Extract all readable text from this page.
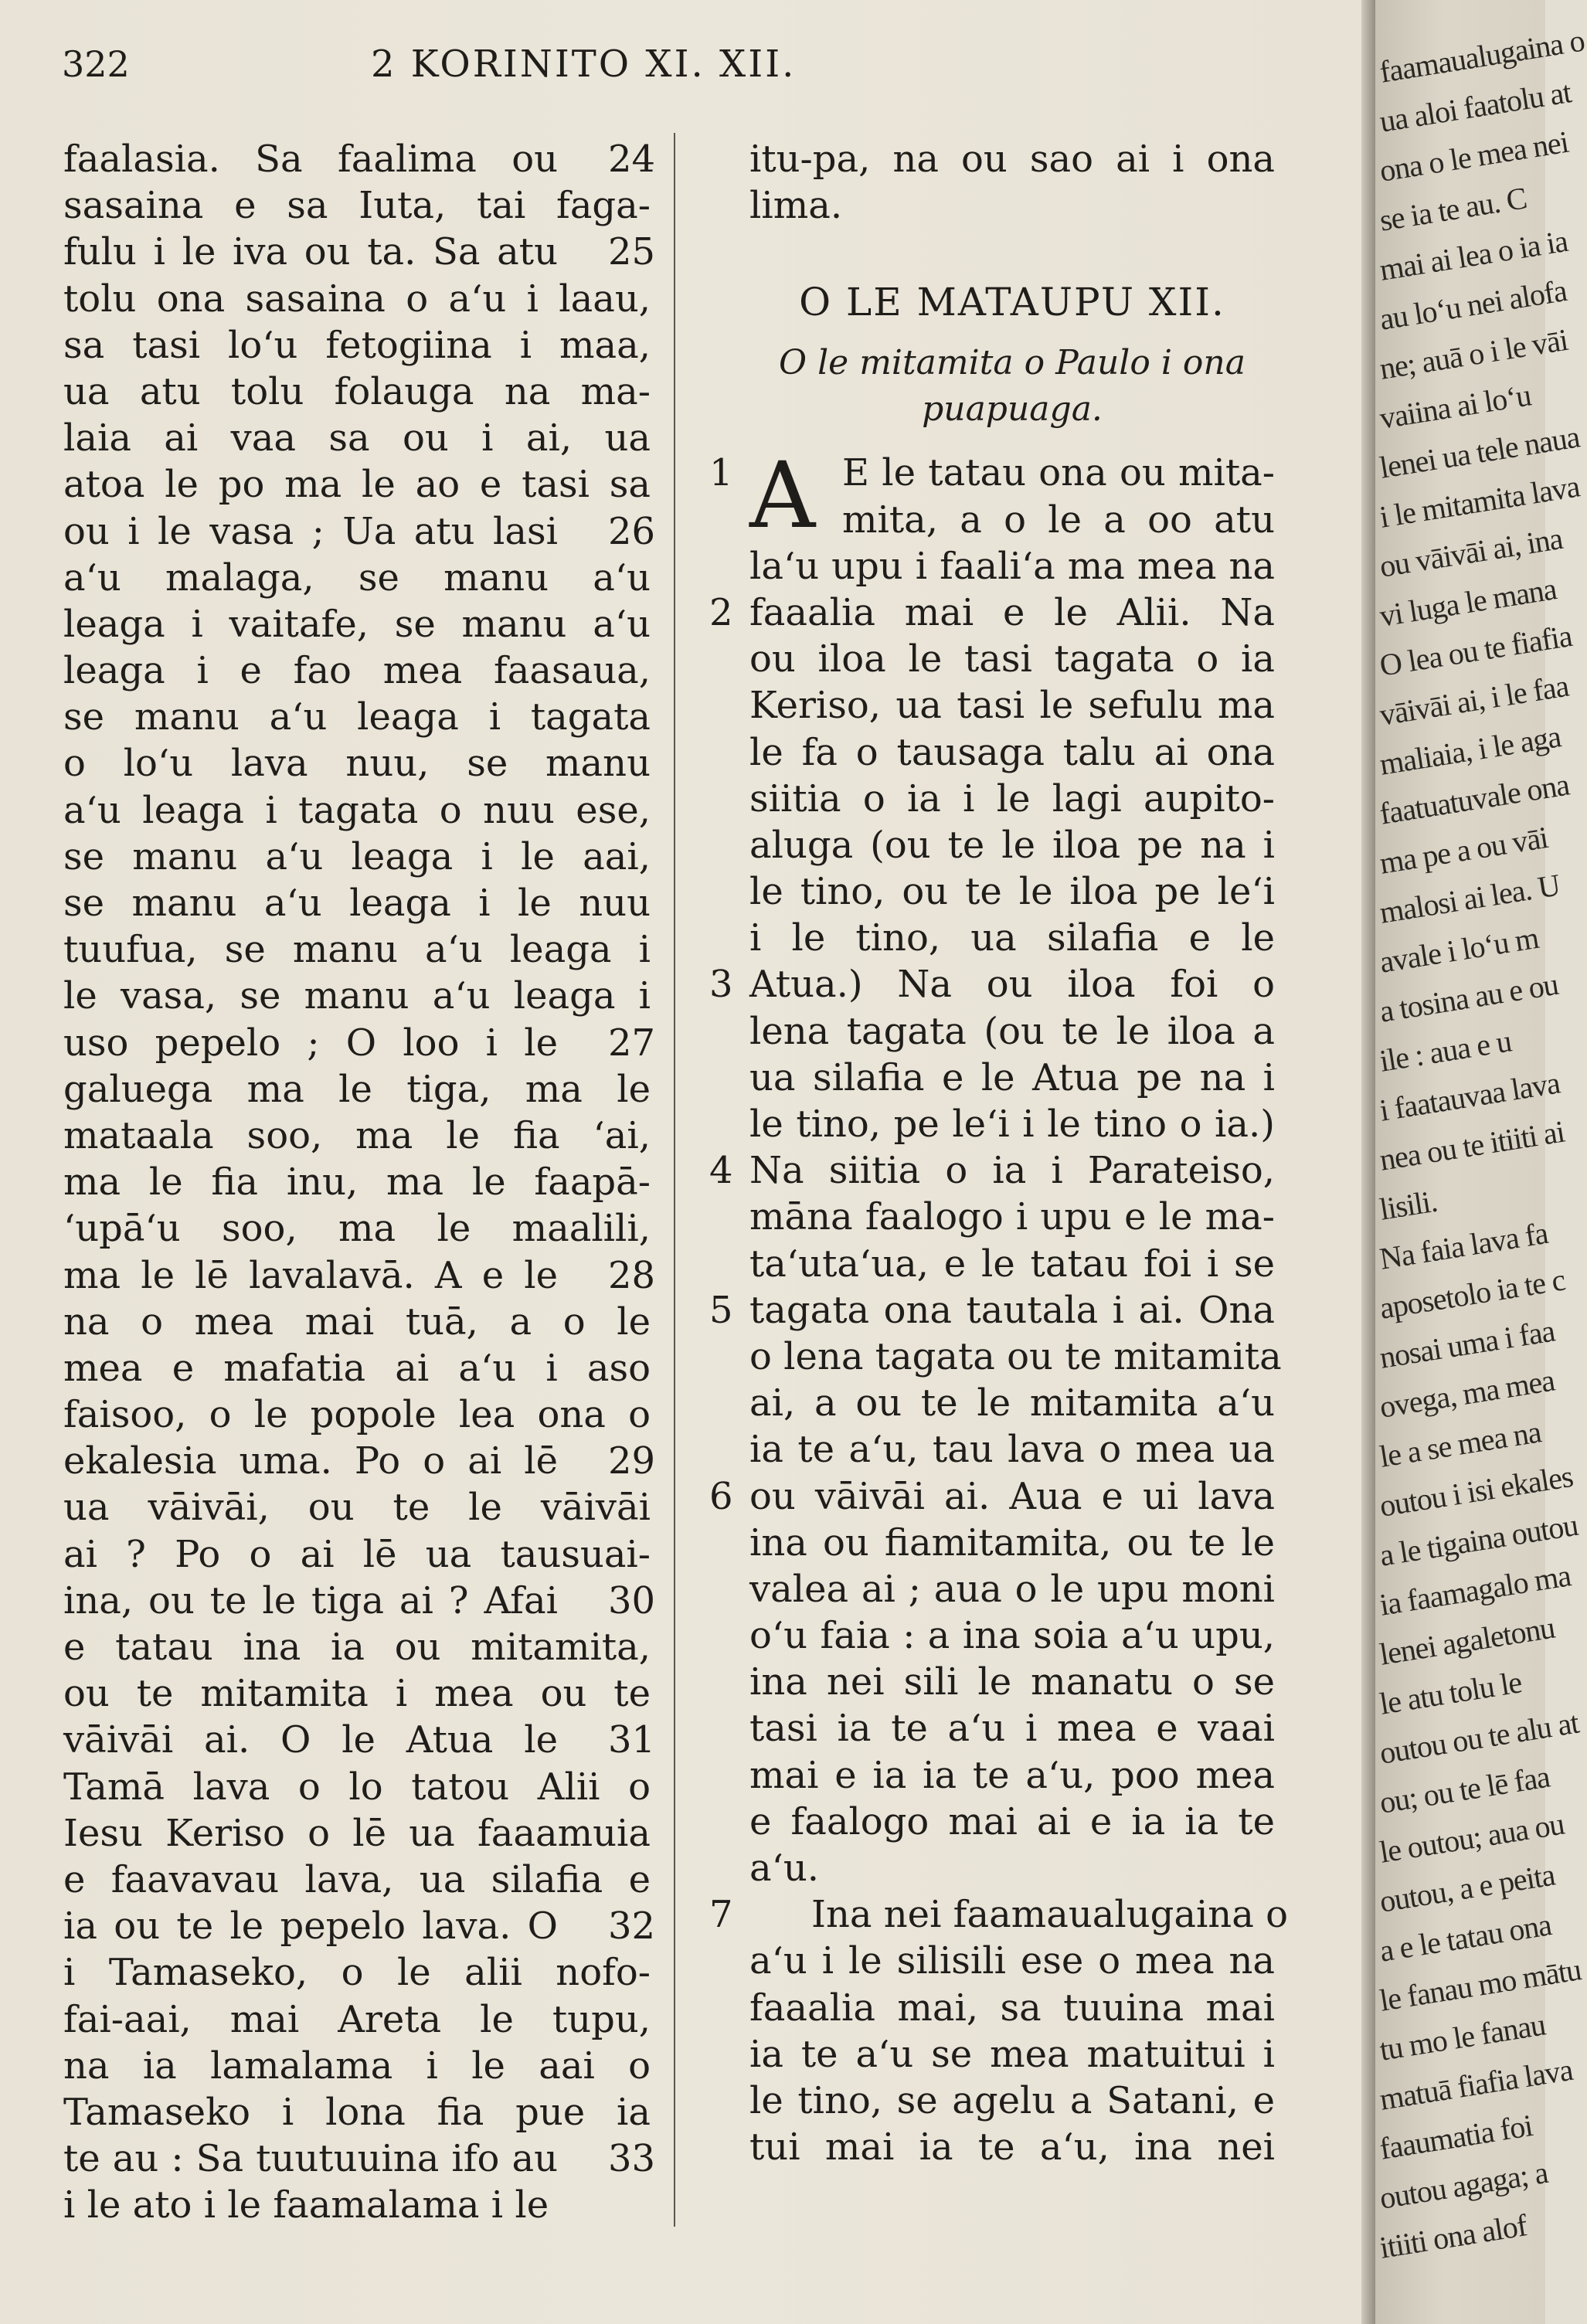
322	2 KORINITO XI. XII.
faalasia. Sa faalima ou 24
sasaina e sa Iuta, tai faga-
fulu i le iva ou ta. Sa atu 25
tolu ona sasaina o aʻu i laau,
sa tasi loʻu fetogiina i maa,
ua atu tolu folauga na ma-
laia ai vaa sa ou i ai, ua
atoa le po ma le ao e tasi sa
ou i le vasa ; Ua atu lasi 26
aʻu malaga, se manu aʻu
leaga i vaitafe, se manu aʻu
leaga i e fao mea faasaua,
se manu aʻu leaga i tagata
o loʻu lava nuu, se manu
aʻu leaga i tagata o nuu ese,
se manu aʻu leaga i le aai,
se manu aʻu leaga i le nuu
tuufua, se manu aʻu leaga i
le vasa, se manu aʻu leaga i
uso pepelo ; O loo i le 27
galuega ma le tiga, ma le
mataala soo, ma le fia ʻai,
ma le fia inu, ma le faapā-
ʻupāʻu soo, ma le maalili,
ma le lē lavalavā. A e le 28
na o mea mai tuā, a o le
mea e mafatia ai aʻu i aso
faisoo, o le popole lea ona o
ekalesia uma. Po o ai lē 29
ua vāivāi, ou te le vāivāi
ai ? Po o ai lē ua tausuai-
ina, ou te le tiga ai ? Afai 30
e tatau ina ia ou mitamita,
ou te mitamita i mea ou te
vāivāi ai. O le Atua le 31
Tamā lava o lo tatou Alii o
Iesu Keriso o lē ua faaamuia
e faavavau lava, ua silafia e
ia ou te le pepelo lava. O 32
i Tamaseko, o le alii nofo-
fai-aai, mai Areta le tupu,
na ia lamalama i le aai o
Tamaseko i lona fia pue ia
te au : Sa tuutuuina ifo au 33
i le ato i le faamalama i le
itu-pa, na ou sao ai i ona
lima.
O LE MATAUPU XII.
O le mitamita o Paulo i ona
puapuaga.
A E le tatau ona ou mita-
1
mita, a o le a oo atu
laʻu upu i faaliʻa ma mea na
faaalia mai e le Alii. Na
2
ou iloa le tasi tagata o ia
Keriso, ua tasi le sefulu ma
le fa o tausaga talu ai ona
siitia o ia i le lagi aupito-
aluga (ou te le iloa pe na i
le tino, ou te le iloa pe leʻi
i le tino, ua silafia e le
Atua.) Na ou iloa foi o
3
lena tagata (ou te le iloa a
ua silafia e le Atua pe na i
le tino, pe leʻi i le tino o ia.)
Na siitia o ia i Parateiso,
4
māna faalogo i upu e le ma-
taʻutaʻua, e le tatau foi i se
tagata ona tautala i ai. Ona
5
o lena tagata ou te mitamita
ai, a ou te le mitamita aʻu
ia te aʻu, tau lava o mea ua
ou vāivāi ai. Aua e ui lava
6
ina ou fiamitamita, ou te le
valea ai ; aua o le upu moni
oʻu faia : a ina soia aʻu upu,
ina nei sili le manatu o se
tasi ia te aʻu i mea e vaai
mai e ia ia te aʻu, poo mea
e faalogo mai ai e ia ia te
aʻu.
Ina nei faamaualugaina o
7
aʻu i le silisili ese o mea na
faaalia mai, sa tuuina mai
ia te aʻu se mea matuitui i
le tino, se agelu a Satani, e
tui mai ia te aʻu, ina nei
faamaualugaina o
ua aloi faatolu at
ona o le mea nei
se ia te au. C
mai ai lea o ia ia
au loʻu nei alofa
ne; auā o i le vāi
vaiina ai loʻu
lenei ua tele naua
i le mitamita lava
ou vāivāi ai, ina
vi luga le mana
O lea ou te fiafia
vāivāi ai, i le faa
maliaia, i le aga
faatuatuvale ona
ma pe a ou vāi
malosi ai lea. U
avale i loʻu m
a tosina au e ou
ile : aua e u
i faatauvaa lava
nea ou te itiiti ai
lisili.
Na faia lava fa
aposetolo ia te c
nosai uma i faa
ovega, ma mea
le a se mea na
outou i isi ekales
a le tigaina outou
ia faamagalo ma
lenei agaletonu
le atu tolu le
outou ou te alu at
ou; ou te lē faa
le outou; aua ou
outou, a e peita
a e le tatau ona
le fanau mo mātu
tu mo le fanau
matuā fiafia lava
faaumatia foi
outou agaga; a
itiiti ona alof
